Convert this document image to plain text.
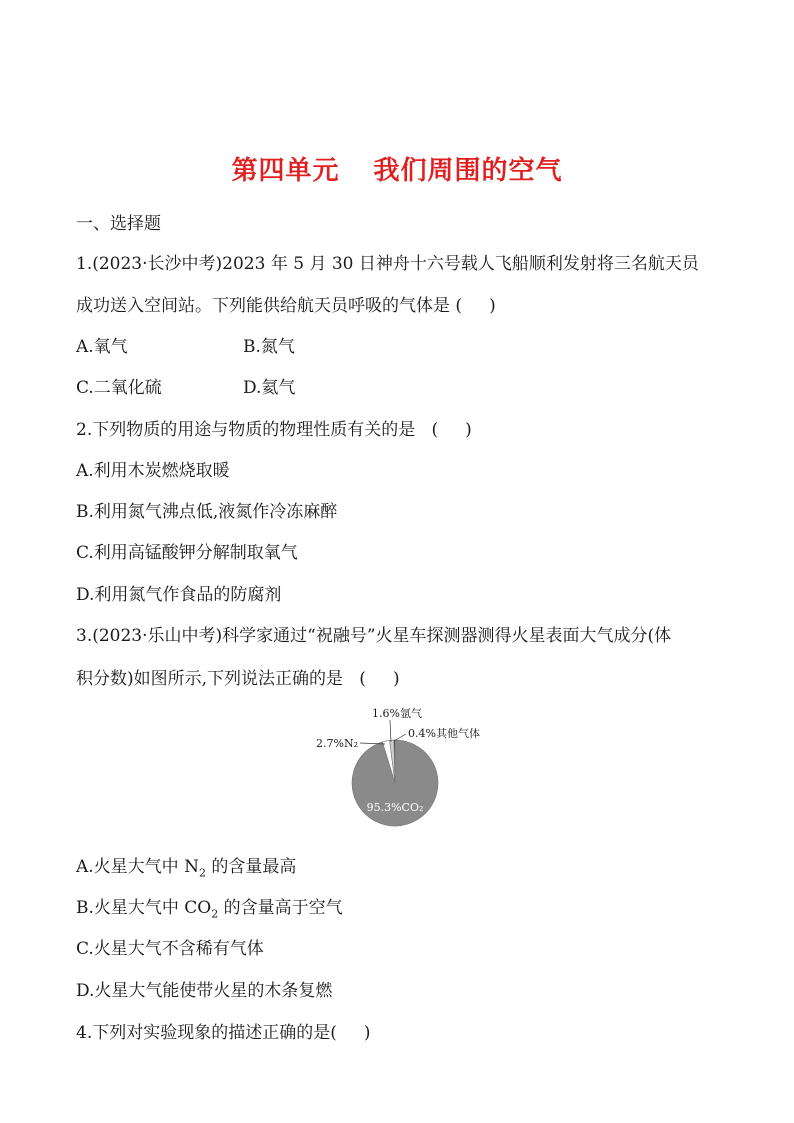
第四单元 我们周围的空气
一、选择题
1.(2023·长沙中考)2023 年 5 月 30 日神舟十六号载人飞船顺利发射将三名航天员
成功送入空间站。下列能供给航天员呼吸的气体是 ( )
A.氧气	B.氮气
C.二氧化硫	D.氦气
2.下列物质的用途与物质的物理性质有关的是 ( )
A.利用木炭燃烧取暖
B.利用氮气沸点低,液氮作冷冻麻醉
C.利用高锰酸钾分解制取氧气
D.利用氮气作食品的防腐剂
3.(2023·乐山中考)科学家通过“祝融号”火星车探测器测得火星表面大气成分(体
积分数)如图所示,下列说法正确的是 ( )
95.3%CO₂
2.7%N₂
1.6%氩气
0.4%其他气体
A.火星大气中 $N_2$ 的含量最高
B.火星大气中 $CO_2$ 的含量高于空气
C.火星大气不含稀有气体
D.火星大气能使带火星的木条复燃
4.下列对实验现象的描述正确的是( )
